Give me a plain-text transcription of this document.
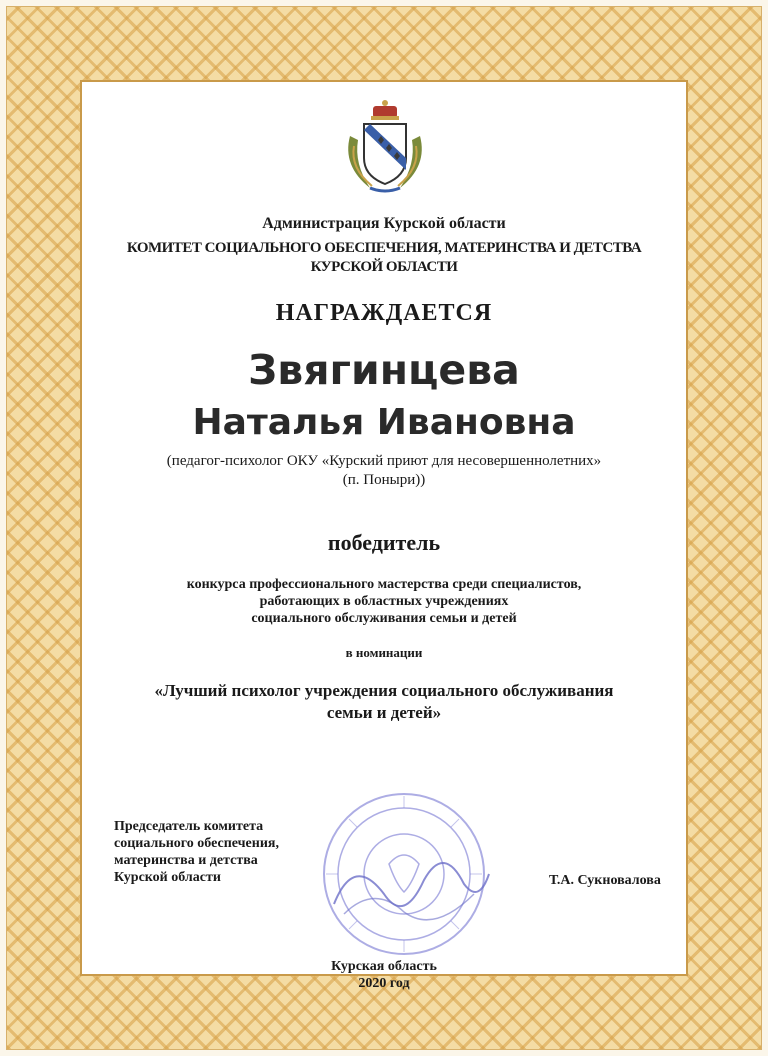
Администрация Курской области
КОМИТЕТ СОЦИАЛЬНОГО ОБЕСПЕЧЕНИЯ, МАТЕРИНСТВА И ДЕТСТВА
КУРСКОЙ ОБЛАСТИ
НАГРАЖДАЕТСЯ
Звягинцева
Наталья Ивановна
(педагог-психолог ОКУ «Курский приют для несовершеннолетних»
(п. Поныри))
победитель
конкурса профессионального мастерства среди специалистов,
работающих в областных учреждениях
социального обслуживания семьи и детей
в номинации
«Лучший психолог учреждения социального обслуживания
семьи и детей»
Председатель комитета
социального обеспечения,
материнства и детства
Курской области	Т.А. Сукновалова
Курская область
2020 год
